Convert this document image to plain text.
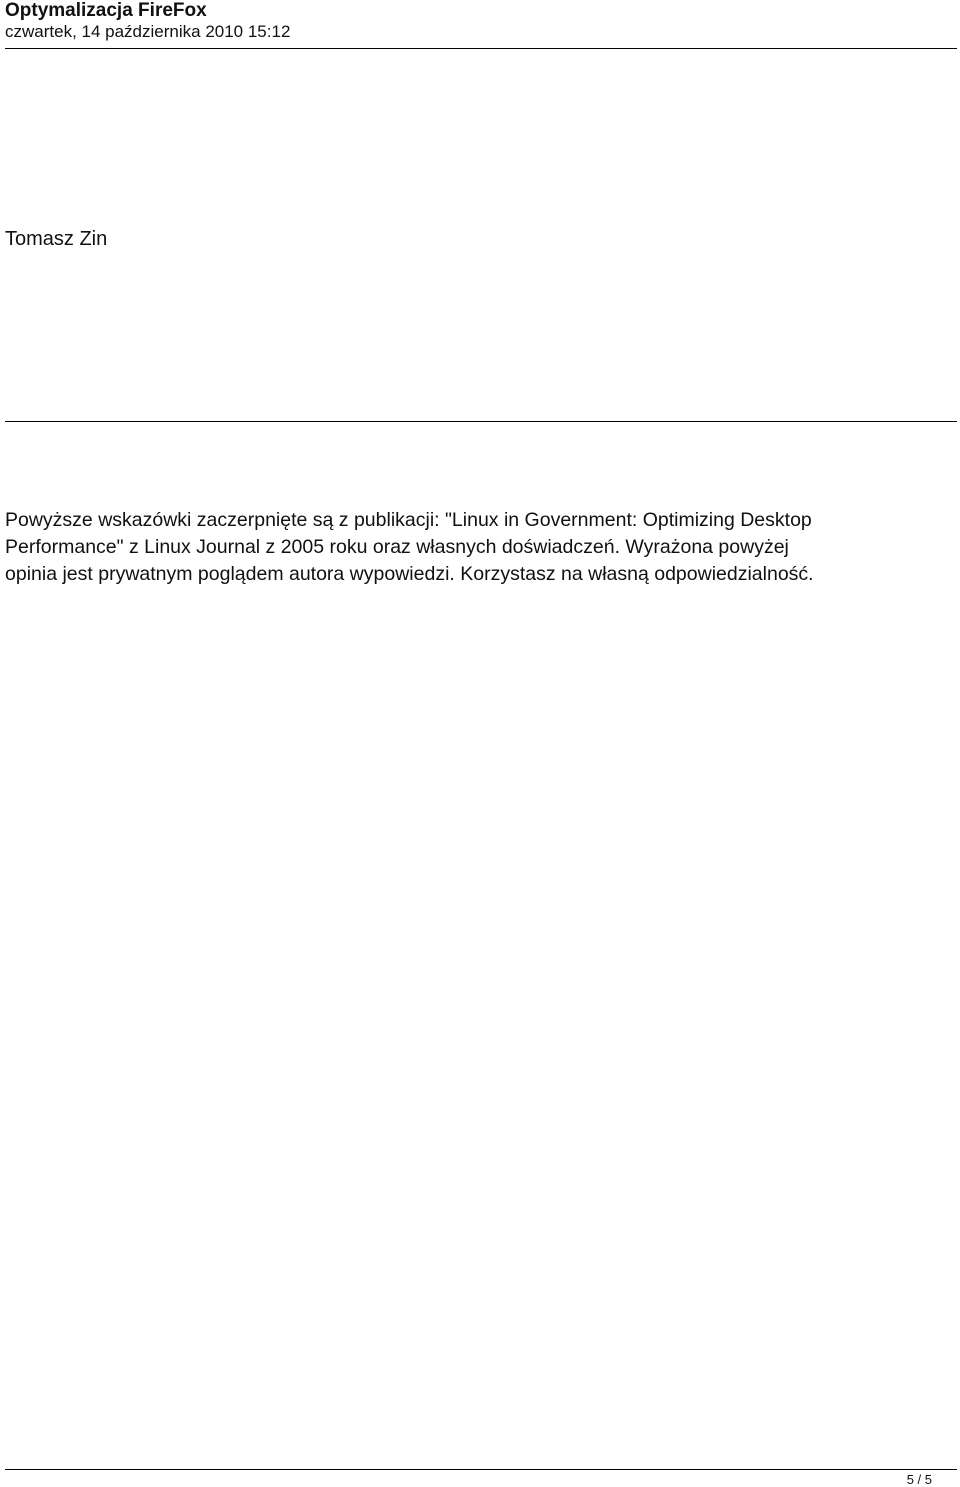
Optymalizacja FireFox
czwartek, 14 października 2010 15:12
Tomasz Zin
Powyższe wskazówki zaczerpnięte są z publikacji: "Linux in Government: Optimizing Desktop
Performance" z Linux Journal z 2005 roku oraz własnych doświadczeń. Wyrażona powyżej
opinia jest prywatnym poglądem autora wypowiedzi. Korzystasz na własną odpowiedzialność.
5 / 5
